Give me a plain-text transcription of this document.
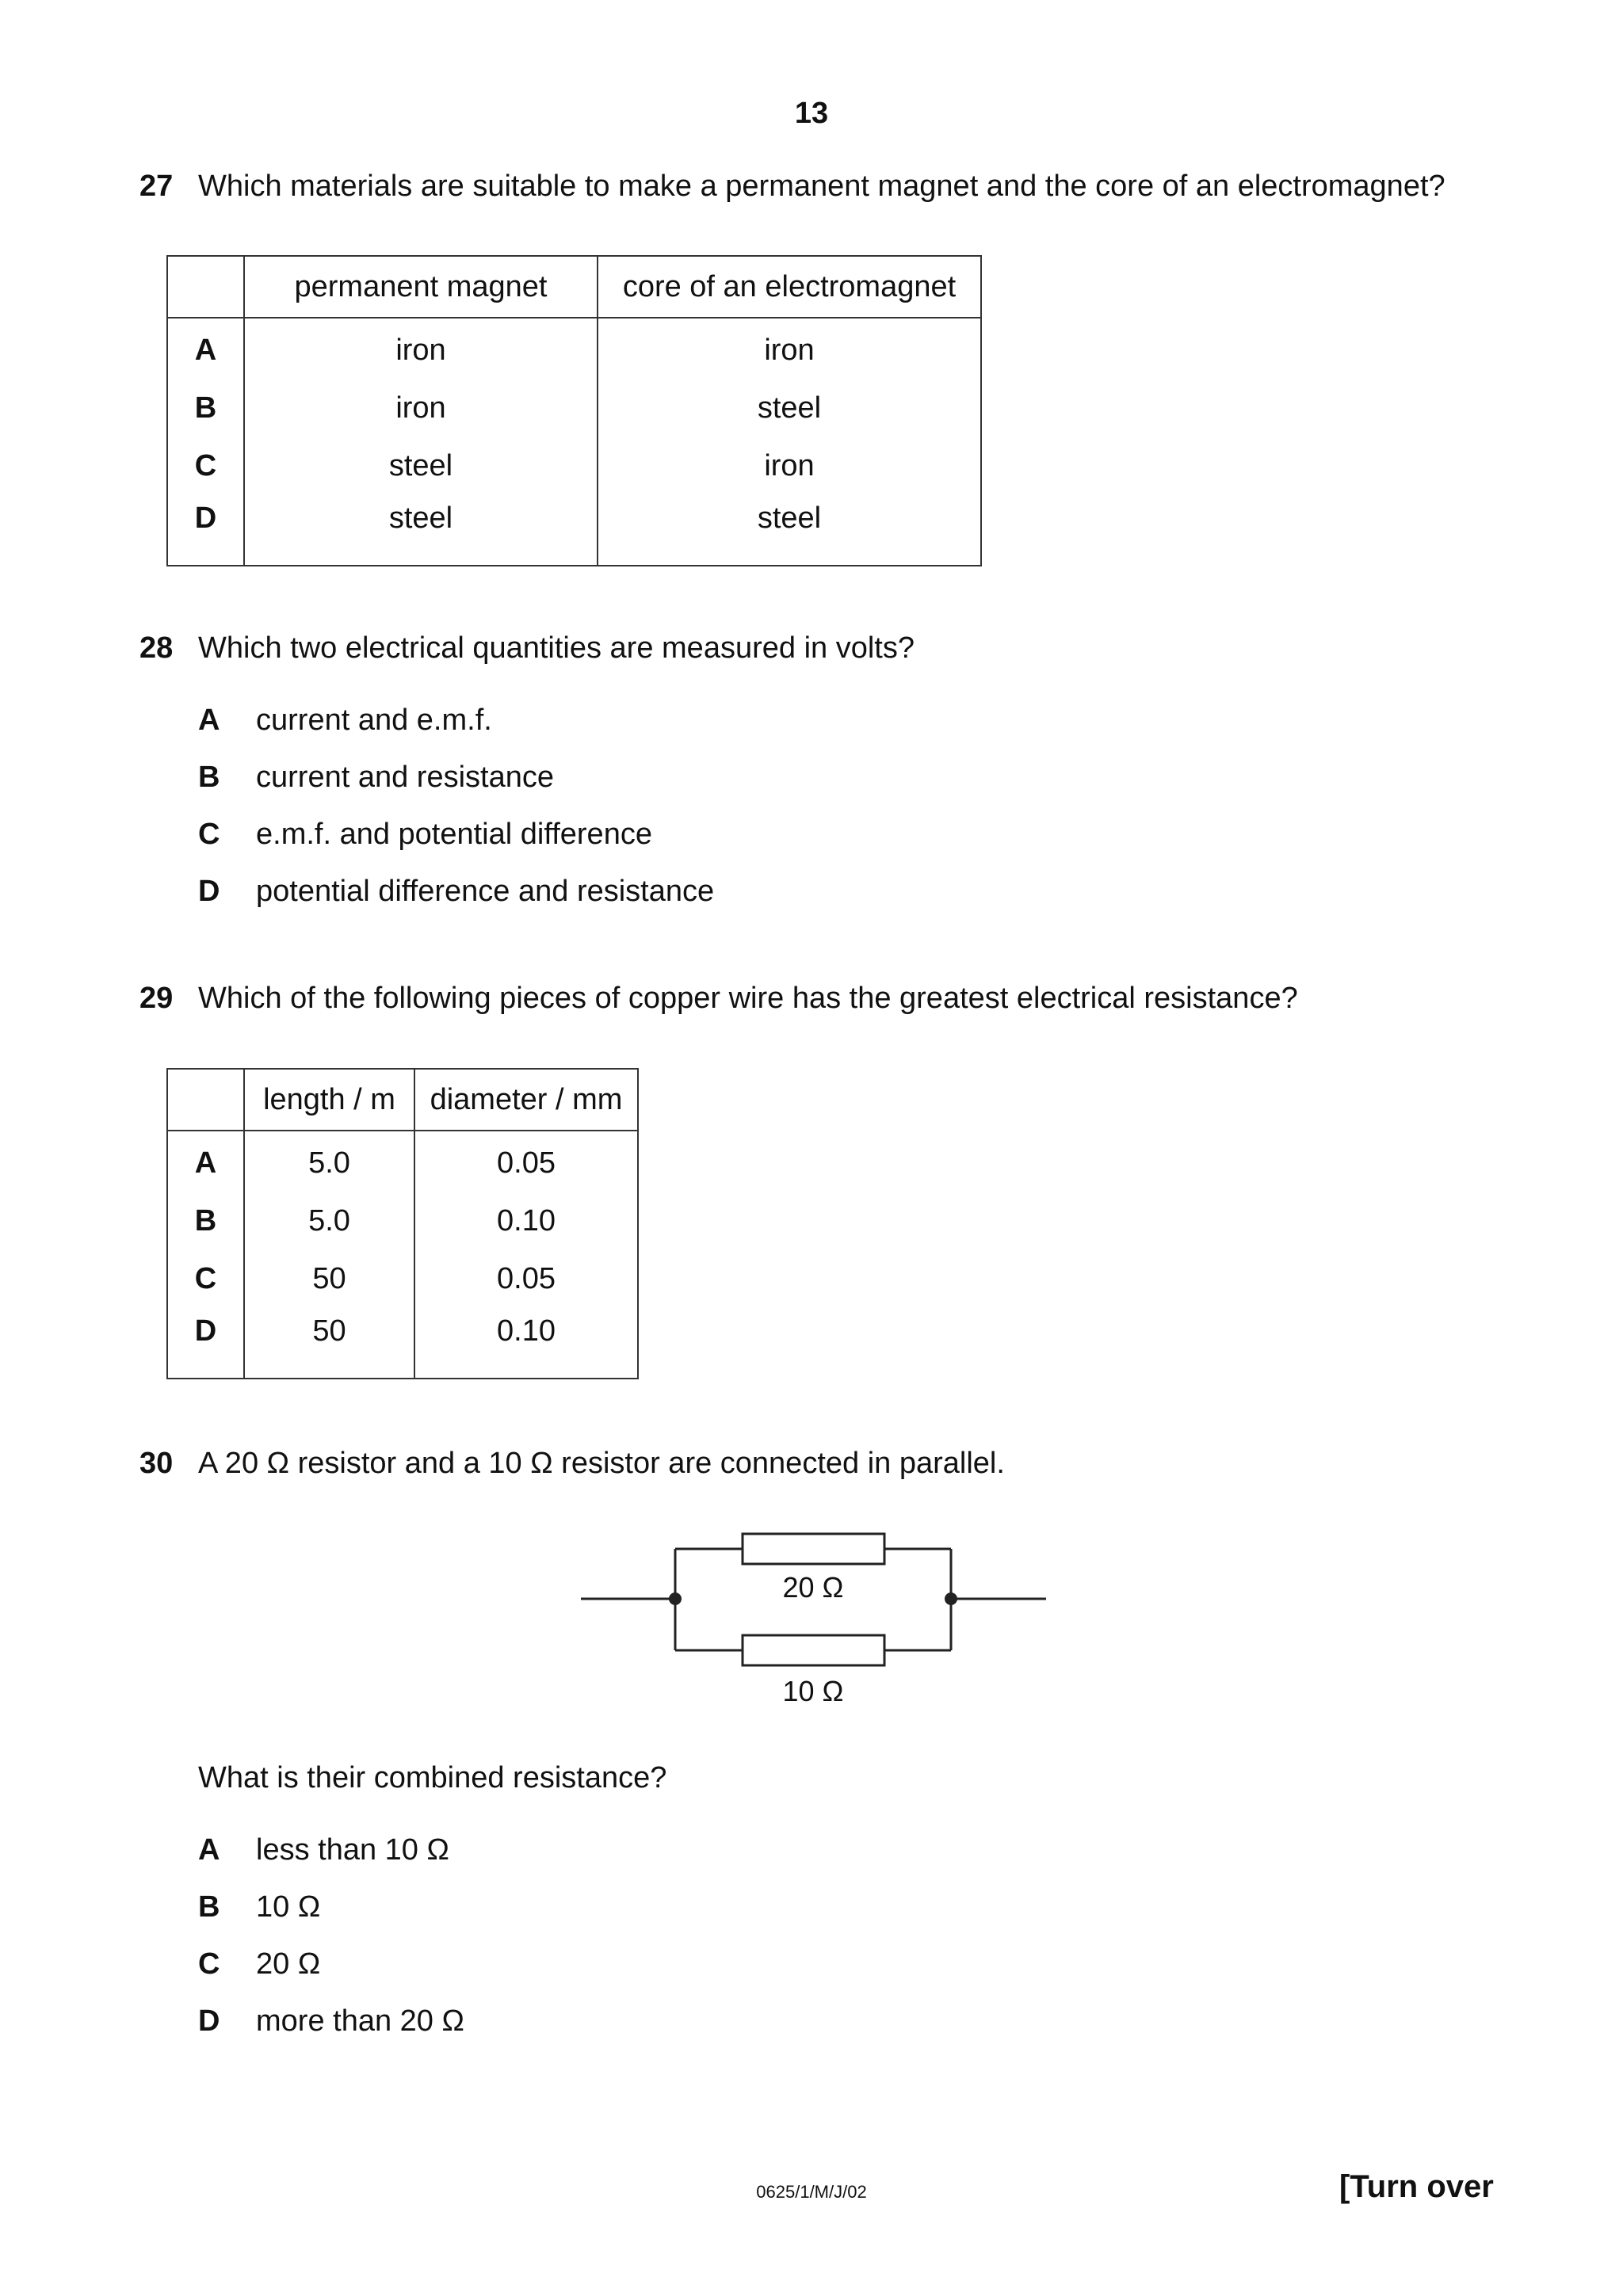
13
27 Which materials are suitable to make a permanent magnet and the core of an electromagnet?
	permanent magnet	core of an electromagnet
A	iron	iron
B	iron	steel
C	steel	iron
D	steel	steel
28 Which two electrical quantities are measured in volts?
A current and e.m.f.
B current and resistance
C e.m.f. and potential difference
D potential difference and resistance
29 Which of the following pieces of copper wire has the greatest electrical resistance?
	length / m	diameter / mm
A	5.0	0.05
B	5.0	0.10
C	50	0.05
D	50	0.10
30 A 20 Ω resistor and a 10 Ω resistor are connected in parallel.
20 Ω
10 Ω
What is their combined resistance?
A less than 10 Ω
B 10 Ω
C 20 Ω
D more than 20 Ω
0625/1/M/J/02	[Turn over
